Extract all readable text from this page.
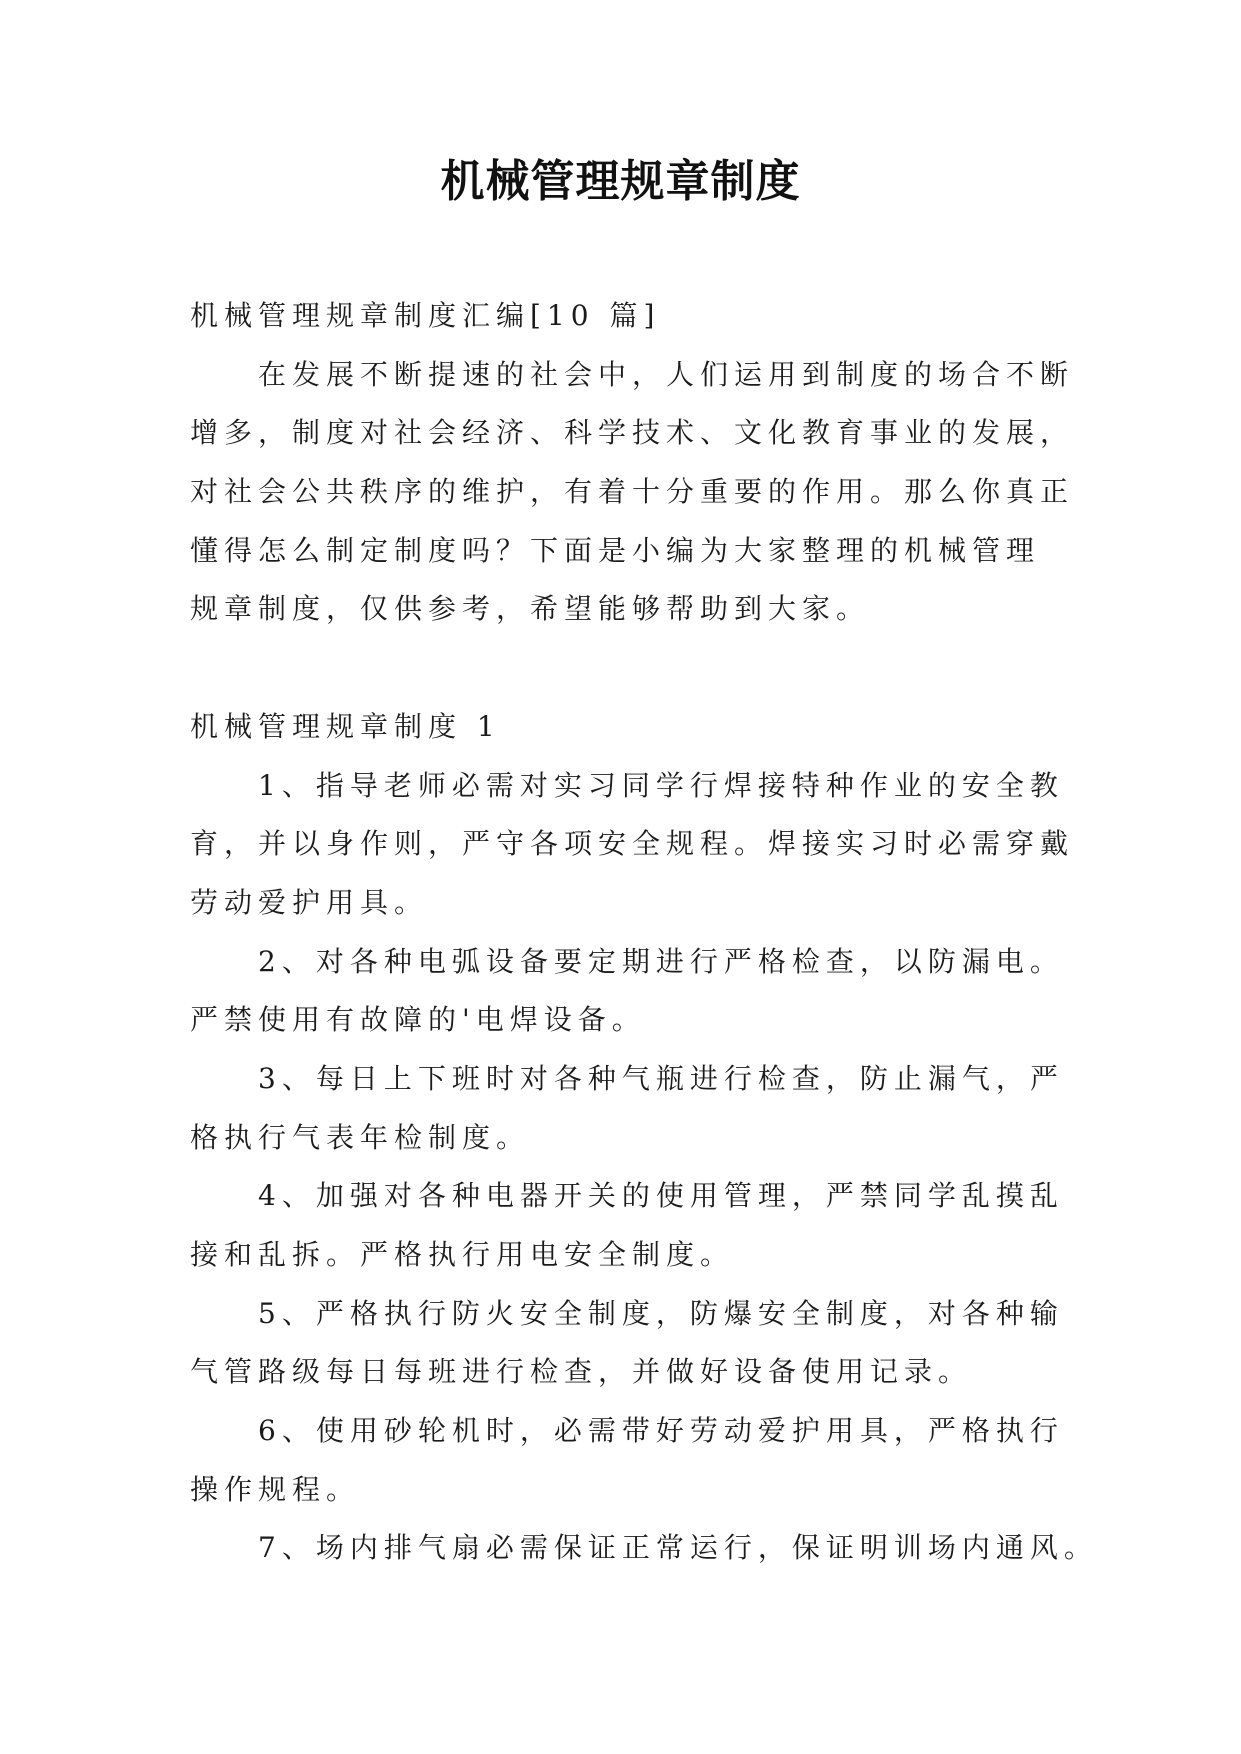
机械管理规章制度
机械管理规章制度汇编[10 篇]
在发展不断提速的社会中，人们运用到制度的场合不断
增多，制度对社会经济、科学技术、文化教育事业的发展，
对社会公共秩序的维护，有着十分重要的作用。那么你真正
懂得怎么制定制度吗？下面是小编为大家整理的机械管理
规章制度，仅供参考，希望能够帮助到大家。
机械管理规章制度 1
1、指导老师必需对实习同学行焊接特种作业的安全教
育，并以身作则，严守各项安全规程。焊接实习时必需穿戴
劳动爱护用具。
2、对各种电弧设备要定期进行严格检查，以防漏电。
严禁使用有故障的'电焊设备。
3、每日上下班时对各种气瓶进行检查，防止漏气，严
格执行气表年检制度。
4、加强对各种电器开关的使用管理，严禁同学乱摸乱
接和乱拆。严格执行用电安全制度。
5、严格执行防火安全制度，防爆安全制度，对各种输
气管路级每日每班进行检查，并做好设备使用记录。
6、使用砂轮机时，必需带好劳动爱护用具，严格执行
操作规程。
7、场内排气扇必需保证正常运行，保证明训场内通风。
